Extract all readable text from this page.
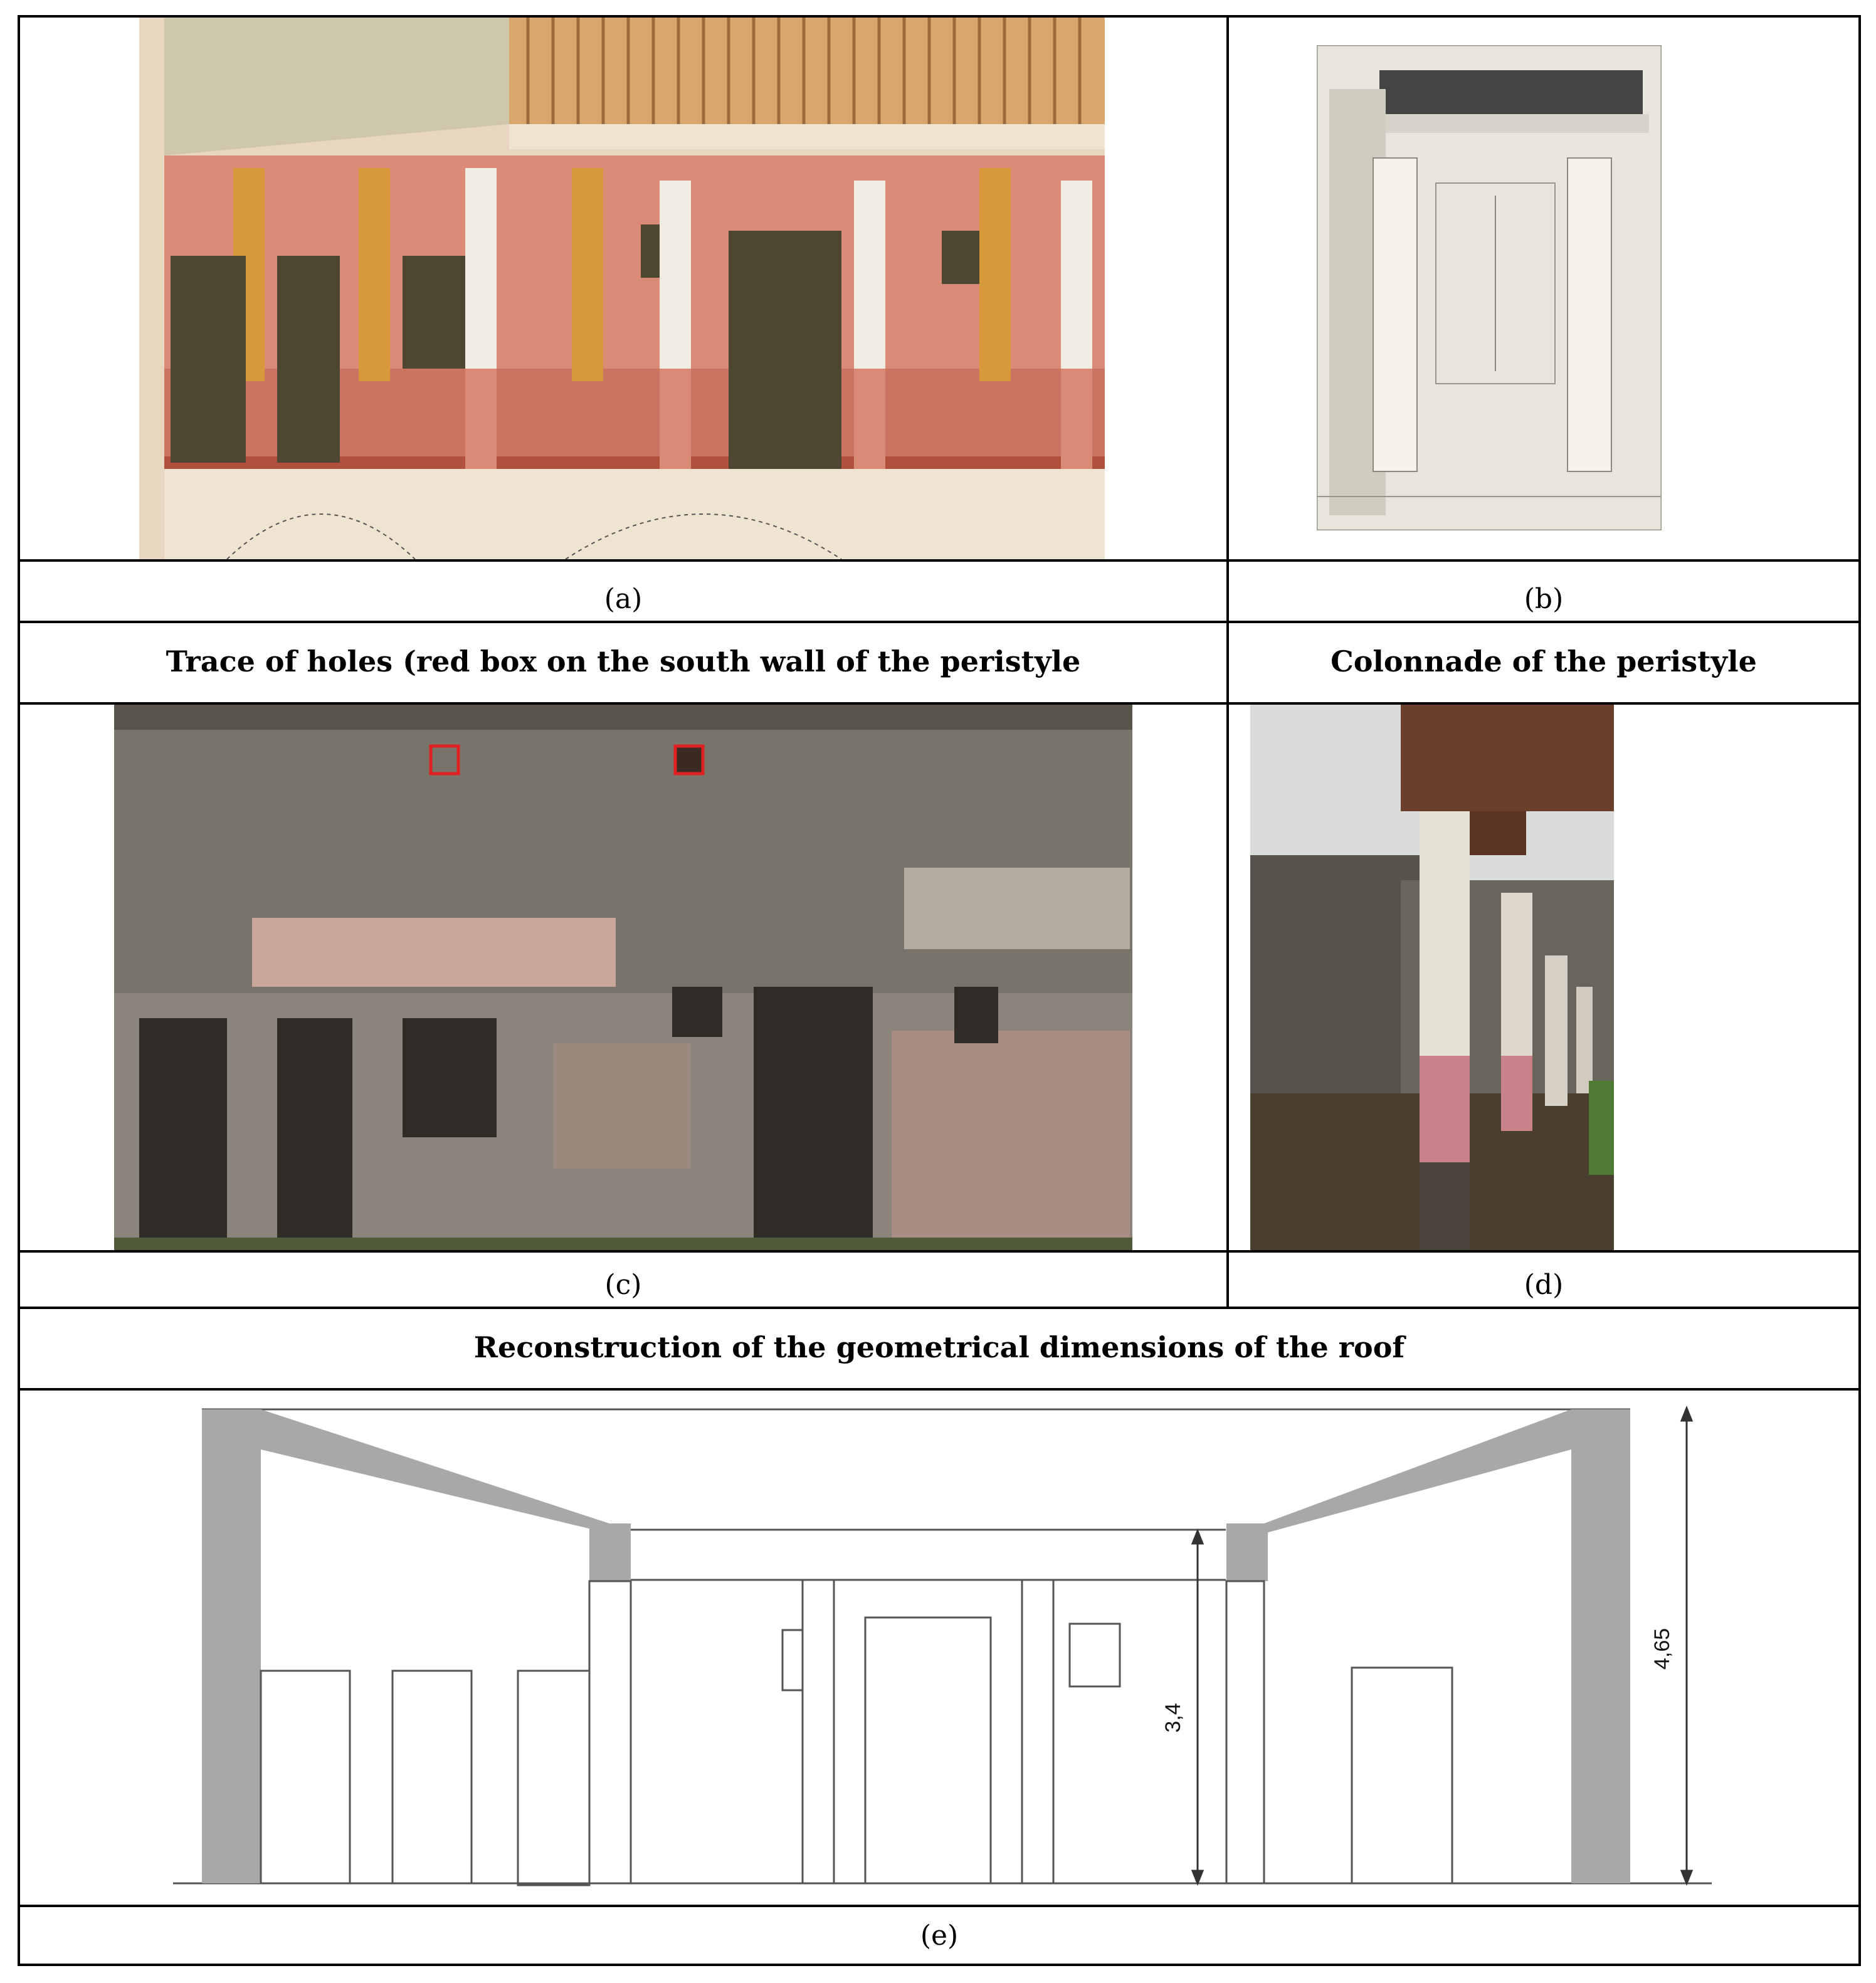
(a)	(b)
Trace of holes (red box on the south wall of the peristyle	Colonnade of the peristyle
(c)	(d)
Reconstruction of the geometrical dimensions of the roof
3,4
4,65
(e)
